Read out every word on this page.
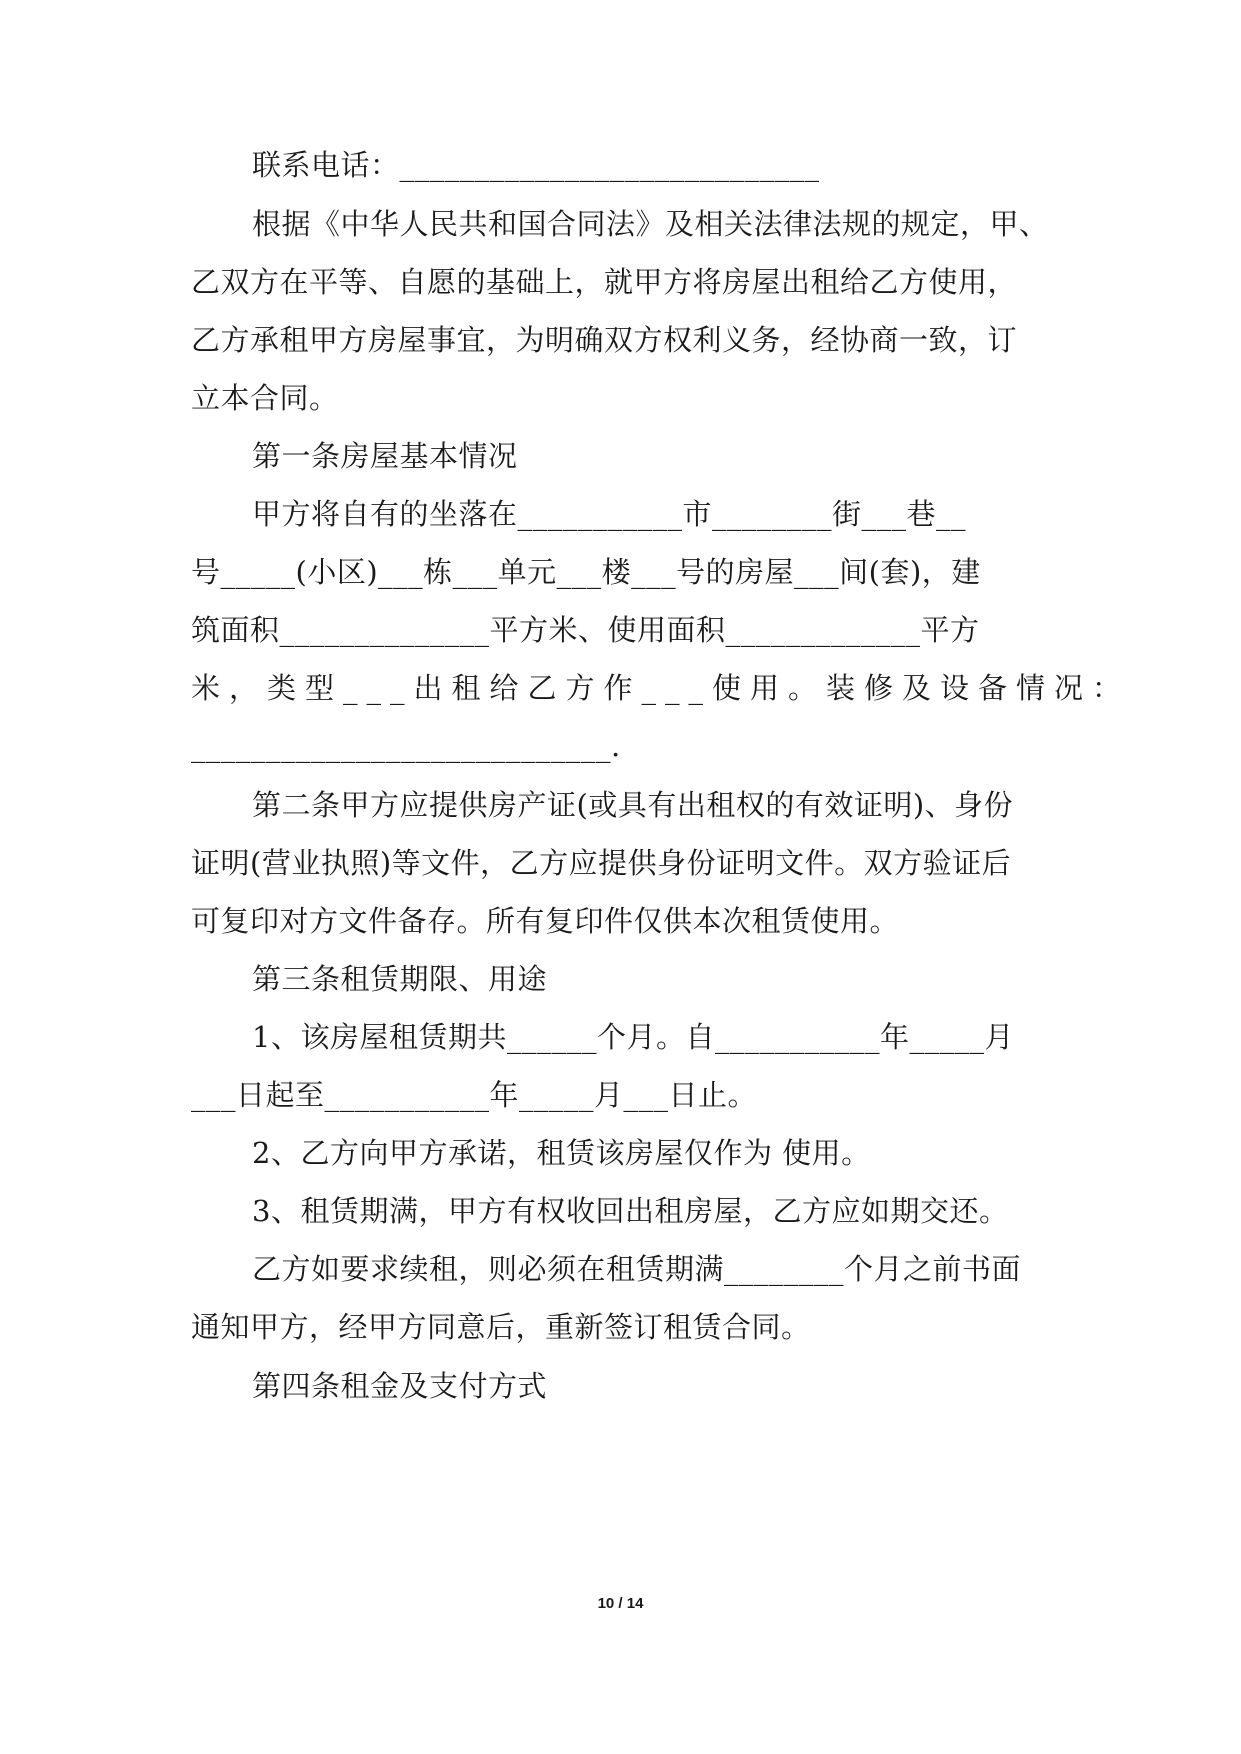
联系电话：____________________________
根据《中华人民共和国合同法》及相关法律法规的规定，甲、
乙双方在平等、自愿的基础上，就甲方将房屋出租给乙方使用，
乙方承租甲方房屋事宜，为明确双方权利义务，经协商一致，订
立本合同。
第一条房屋基本情况
甲方将自有的坐落在___________市________街___巷__
号_____(小区)___栋___单元___楼___号的房屋___间(套)，建
筑面积______________平方米、使用面积_____________平方
米，类型___出租给乙方作___使用。装修及设备情况：
____________________________.
第二条甲方应提供房产证(或具有出租权的有效证明)、身份
证明(营业执照)等文件，乙方应提供身份证明文件。双方验证后
可复印对方文件备存。所有复印件仅供本次租赁使用。
第三条租赁期限、用途
1、该房屋租赁期共______个月。自___________年_____月
___日起至___________年_____月___日止。
2、乙方向甲方承诺，租赁该房屋仅作为 使用。
3、租赁期满，甲方有权收回出租房屋，乙方应如期交还。
乙方如要求续租，则必须在租赁期满________个月之前书面
通知甲方，经甲方同意后，重新签订租赁合同。
第四条租金及支付方式
10 / 14
